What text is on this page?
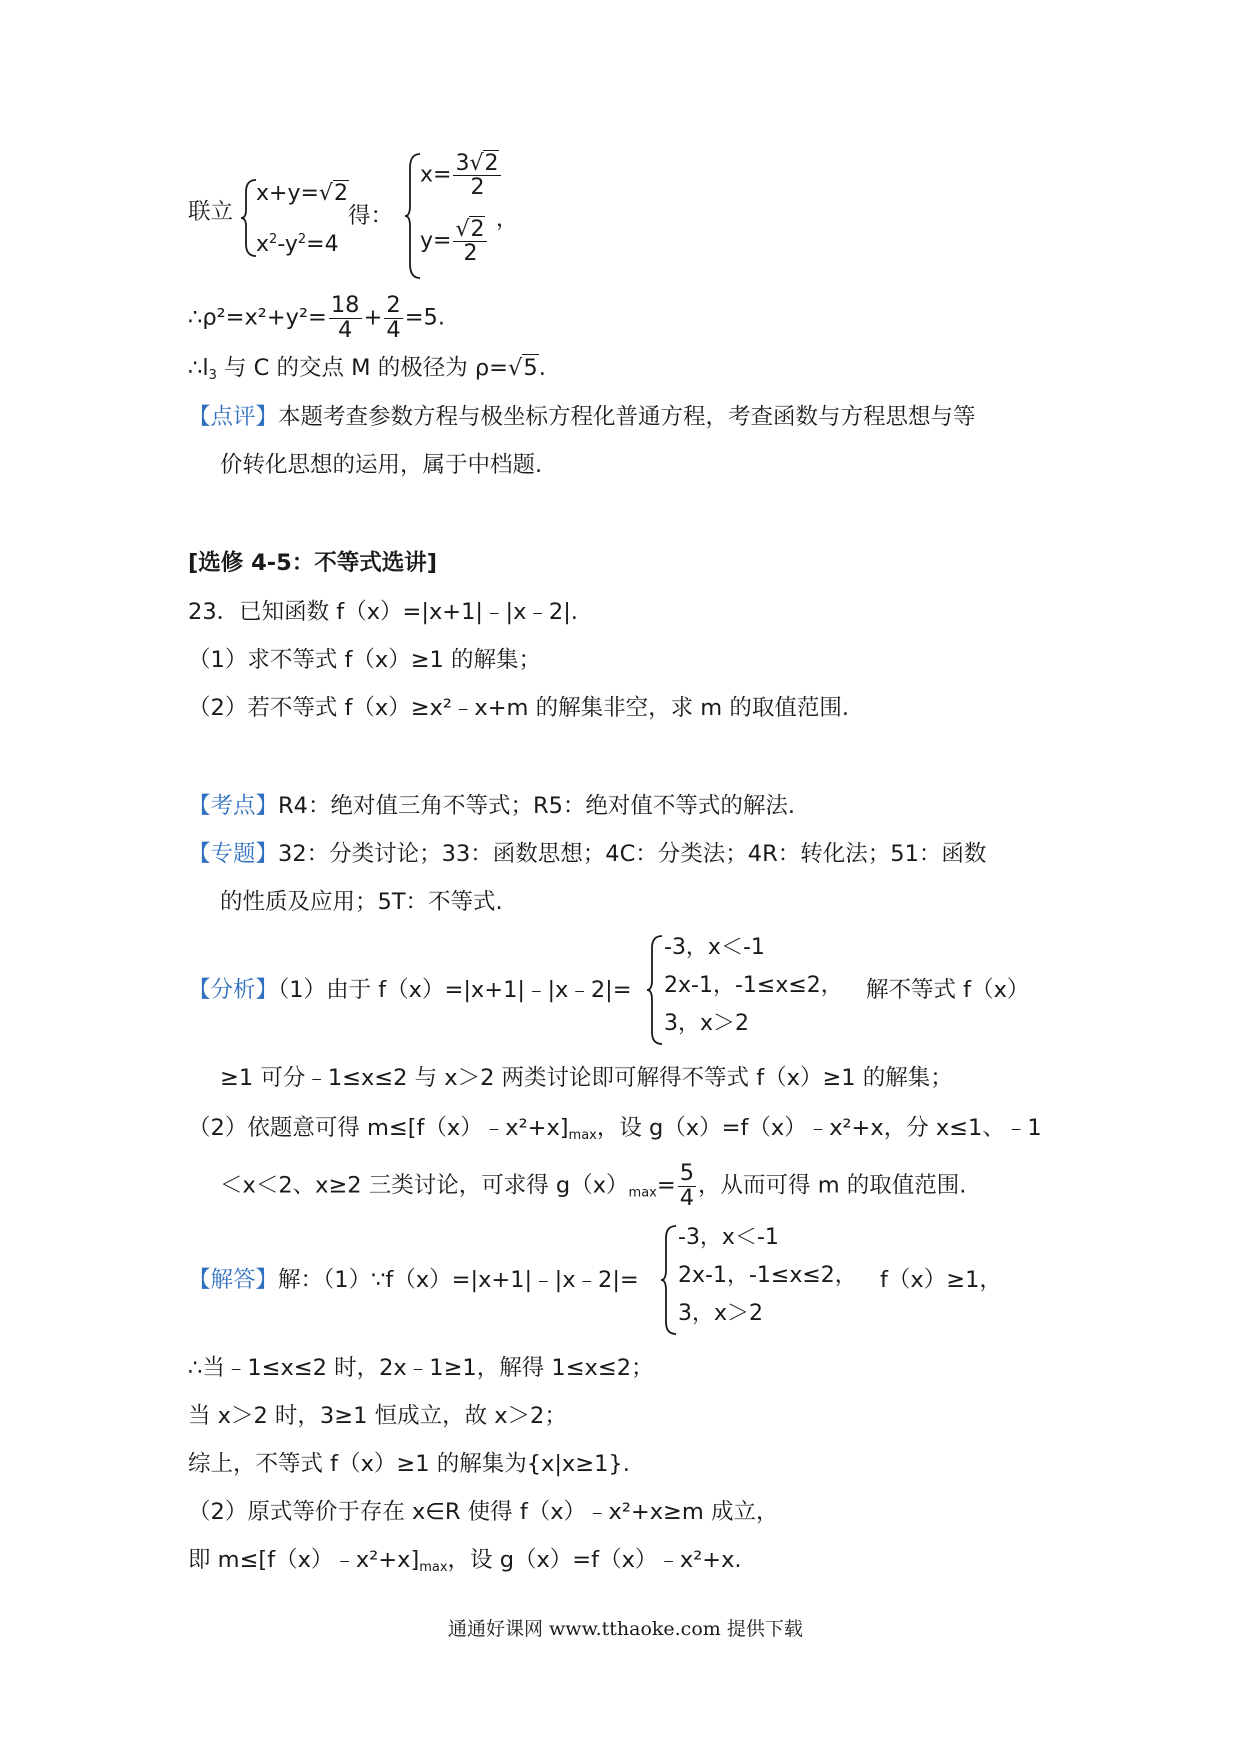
联立
x+y=√2
$x^2-y^2=4$
得：
$x= \frac{3√2}{2}$
，
$y= \frac{√2}{2}$
∴ρ²=x²+y²= $\frac{18}{4} + \frac{2}{4} =5$.
$\therefore l_3$ 与 C 的交点 M 的极径为 ρ=√5.
【点评】本题考查参数方程与极坐标方程化普通方程，考查函数与方程思想与等
价转化思想的运用，属于中档题.
[选修 4-5：不等式选讲]
23．已知函数 f（x）=|x+1|﹣|x﹣2|.
（1）求不等式 f（x）≥1 的解集；
（2）若不等式 f（x）≥x²﹣x+m 的解集非空，求 m 的取值范围.
【考点】R4：绝对值三角不等式；R5：绝对值不等式的解法.
【专题】32：分类讨论；33：函数思想；4C：分类法；4R：转化法；51：函数
的性质及应用；5T：不等式.
【分析】（1）由于 f（x）=|x+1|﹣|x﹣2|=
-3，x＜-1
2x-1，-1≤x≤2，
3，x＞2
解不等式 f（x）
≥1 可分﹣1≤x≤2 与 x＞2 两类讨论即可解得不等式 f（x）≥1 的解集；
（2）依题意可得 $m\le[f(x)﹣x^2+x]_{max}$，设 g（x）=f（x）﹣x²+x，分 x≤1、﹣1
＜x＜2、x≥2 三类讨论，可求得 $g(x)_{max}= \frac{5}{4}$ ，从而可得 m 的取值范围.
【解答】解：（1）∵f（x）=|x+1|﹣|x﹣2|=
-3，x＜-1
2x-1，-1≤x≤2，
3，x＞2
f（x）≥1，
∴当﹣1≤x≤2 时，2x﹣1≥1，解得 1≤x≤2；
当 x＞2 时，3≥1 恒成立，故 x＞2；
综上，不等式 f（x）≥1 的解集为{x|x≥1}.
（2）原式等价于存在 x∈R 使得 f（x）﹣x²+x≥m 成立，
即 $m\le[f(x)﹣x^2+x]_{max}$，设 g（x）=f（x）﹣x²+x.
通通好课网 www.tthaoke.com 提供下载
